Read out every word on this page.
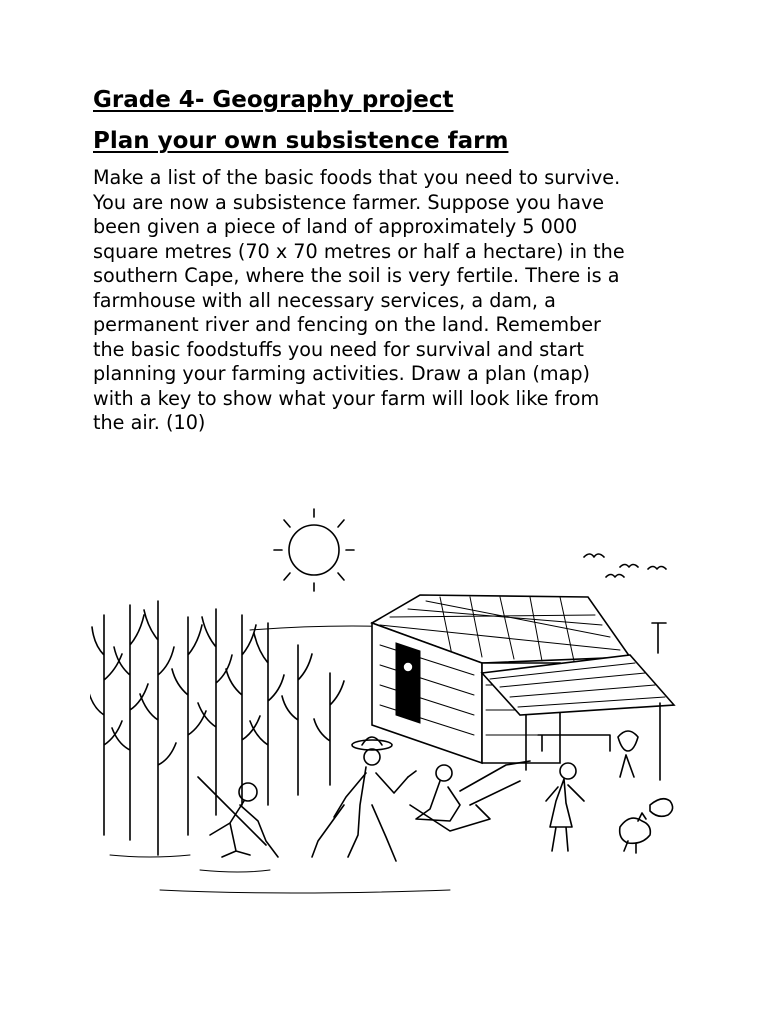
Grade 4- Geography project
Plan your own subsistence farm
Make a list of the basic foods that you need to survive.
You are now a subsistence farmer. Suppose you have
been given a piece of land of approximately 5 000
square metres (70 x 70 metres or half a hectare) in the
southern Cape, where the soil is very fertile. There is a
farmhouse with all necessary services, a dam, a
permanent river and fencing on the land. Remember
the basic foodstuffs you need for survival and start
planning your farming activities. Draw a plan (map)
with a key to show what your farm will look like from
the air. (10)
